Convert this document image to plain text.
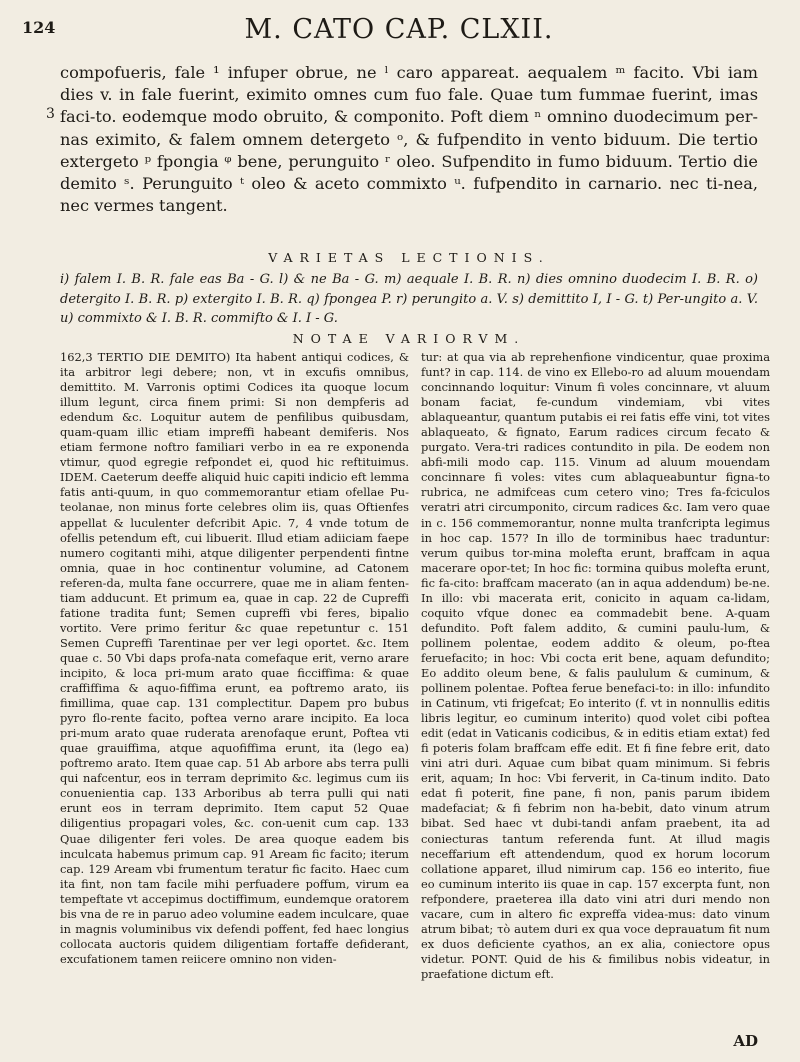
124	M. CATO CAP. CLXII.

compofueris, fale ¹ infuper obrue, ne ˡ caro appareat. aequalem ᵐ facito. Vbi iam dies v. in fale fuerint, eximito omnes cum fuo fale. Quae tum fummae fuerint, imas faci-to. eodemque modo obruito, & componito. Poft diem ⁿ omnino duodecimum per-nas eximito, & falem omnem detergeto ᵒ, & fufpendito in vento biduum. Die tertio extergeto ᵖ fpongia ᵠ bene, perunguito ʳ oleo. Sufpendito in fumo biduum. Tertio die demito ˢ. Perunguito ᵗ oleo & aceto commixto ᵘ. fufpendito in carnario. nec ti-nea, nec vermes tangent.

3
VARIETAS LECTIONIS.
i) falem I. B. R. fale eas Ba - G. l) & ne Ba - G. m) aequale I. B. R. n) dies omnino duodecim I. B. R. o) detergito I. B. R. p) extergito I. B. R. q) fpongea P. r) perungito a. V. s) demittito I, I - G. t) Per-ungito a. V. u) commixto & I. B. R. commifto & I. I - G.
NOTAE VARIORVM.

162,3 TERTIO DIE DEMITO) Ita habent antiqui codices, & ita arbitror legi debere; non, vt in excufis omnibus, demittito. M. Varronis optimi Codices ita quoque locum illum legunt, circa finem primi: Si non dempferis ad edendum &c. Loquitur autem de penfilibus quibusdam, quam-quam illic etiam impreffi habeant demiferis. Nos etiam fermone noftro familiari verbo in ea re exponenda vtimur, quod egregie refpondet ei, quod hic reftituimus. IDEM. Caeterum deeffe aliquid huic capiti indicio eft lemma fatis anti-quum, in quo commemorantur etiam ofellae Pu-teolanae, non minus forte celebres olim iis, quas Oftienfes appellat & luculenter defcribit Apic. 7, 4 vnde totum de ofellis petendum eft, cui libuerit. Illud etiam adiiciam faepe numero cogitanti mihi, atque diligenter perpendenti fintne omnia, quae in hoc continentur volumine, ad Catonem referen-da, multa fane occurrere, quae me in aliam fenten-tiam adducunt. Et primum ea, quae in cap. 22 de Cupreffi fatione tradita funt; Semen cupreffi vbi feres, bipalio vortito. Vere primo feritur &c quae repetuntur c. 151 Semen Cupreffi Tarentinae per ver legi oportet. &c. Item quae c. 50 Vbi daps profa-nata comefaque erit, verno arare incipito, & loca pri-mum arato quae ficciffima: & quae craffiffima & aquo-fiffima erunt, ea poftremo arato, iis fimillima, quae cap. 131 complectitur. Dapem pro bubus pyro flo-rente facito, poftea verno arare incipito. Ea loca pri-mum arato quae ruderata arenofaque erunt, Poftea vti quae grauiffima, atque aquofiffima erunt, ita (lego ea) poftremo arato. Item quae cap. 51 Ab arbore abs terra pulli qui nafcentur, eos in terram deprimito &c. legimus cum iis conuenientia cap. 133 Arboribus ab terra pulli qui nati erunt eos in terram deprimito. Item caput 52 Quae diligentius propagari voles, &c. con-uenit cum cap. 133 Quae diligenter feri voles. De area quoque eadem bis inculcata habemus primum cap. 91 Aream fic facito; iterum cap. 129 Aream vbi frumentum teratur fic facito. Haec cum ita fint, non tam facile mihi perfuadere poffum, virum ea tempeftate vt accepimus doctiffimum, eundemque oratorem bis vna de re in paruo adeo volumine eadem inculcare, quae in magnis voluminibus vix defendi poffent, fed haec longius collocata auctoris quidem diligentiam fortaffe defiderant, excufationem tamen reiicere omnino non viden-

tur: at qua via ab reprehenfione vindicentur, quae proxima funt? in cap. 114. de vino ex Ellebo-ro ad aluum mouendam concinnando loquitur: Vinum fi voles concinnare, vt aluum bonam faciat, fe-cundum vindemiam, vbi vites ablaqueantur, quantum putabis ei rei fatis effe vini, tot vites ablaqueato, & fignato, Earum radices circum fecato & purgato. Vera-tri radices contundito in pila. De eodem non abfi-mili modo cap. 115. Vinum ad aluum mouendam concinnare fi voles: vites cum ablaqueabuntur figna-to rubrica, ne admifceas cum cetero vino; Tres fa-fciculos veratri atri circumponito, circum radices &c. Iam vero quae in c. 156 commemorantur, nonne multa tranfcripta legimus in hoc cap. 157? In illo de torminibus haec traduntur: verum quibus tor-mina molefta erunt, braffcam in aqua macerare opor-tet; In hoc fic: tormina quibus molefta erunt, fic fa-cito: braffcam macerato (an in aqua addendum) be-ne. In illo: vbi macerata erit, conicito in aquam ca-lidam, coquito vfque donec ea commadebit bene. A-quam defundito. Poft falem addito, & cumini paulu-lum, & pollinem polentae, eodem addito & oleum, po-ftea feruefacito; in hoc: Vbi cocta erit bene, aquam defundito; Eo addito oleum bene, & falis paululum & cuminum, & pollinem polentae. Poftea ferue benefaci-to: in illo: infundito in Catinum, vti frigefcat; Eo interito (f. vt in nonnullis editis libris legitur, eo cuminum interito) quod volet cibi poftea edit (edat in Vaticanis codicibus, & in editis etiam extat) fed fi poteris folam braffcam effe edit. Et fi fine febre erit, dato vini atri duri. Aquae cum bibat quam minimum. Si febris erit, aquam; In hoc: Vbi ferverit, in Ca-tinum indito. Dato edat fi poterit, fine pane, fi non, panis parum ibidem madefaciat; & fi febrim non ha-bebit, dato vinum atrum bibat. Sed haec vt dubi-tandi anfam praebent, ita ad coniecturas tantum referenda funt. At illud magis neceffarium eft attendendum, quod ex horum locorum collatione apparet, illud nimirum cap. 156 eo interito, fiue eo cuminum interito iis quae in cap. 157 excerpta funt, non refpondere, praeterea illa dato vini atri duri mendo non vacare, cum in altero fic expreffa videa-mus: dato vinum atrum bibat; τὸ autem duri ex qua voce deprauatum fit num ex duos deficiente cyathos, an ex alia, coniectore opus videtur. PONT. Quid de his & fimilibus nobis videatur, in praefatione dictum eft.

AD
